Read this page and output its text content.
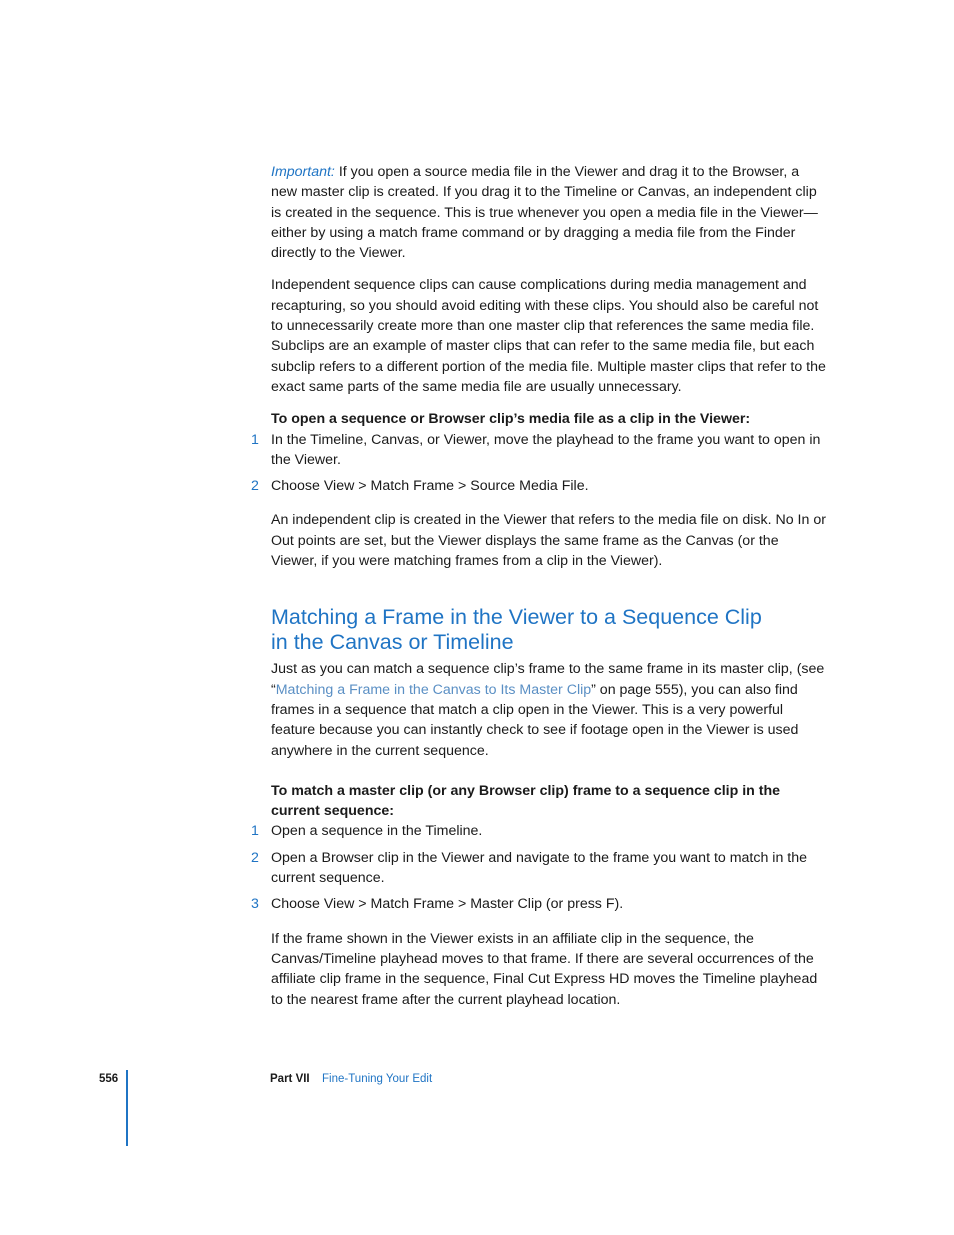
Important: If you open a source media file in the Viewer and drag it to the Browser, a new master clip is created. If you drag it to the Timeline or Canvas, an independent clip is created in the sequence. This is true whenever you open a media file in the Viewer—either by using a match frame command or by dragging a media file from the Finder directly to the Viewer.

Independent sequence clips can cause complications during media management and recapturing, so you should avoid editing with these clips. You should also be careful not to unnecessarily create more than one master clip that references the same media file. Subclips are an example of master clips that can refer to the same media file, but each subclip refers to a different portion of the media file. Multiple master clips that refer to the exact same parts of the same media file are usually unnecessary.

To open a sequence or Browser clip’s media file as a clip in the Viewer:

1 In the Timeline, Canvas, or Viewer, move the playhead to the frame you want to open in the Viewer.
2 Choose View > Match Frame > Source Media File.

An independent clip is created in the Viewer that refers to the media file on disk. No In or Out points are set, but the Viewer displays the same frame as the Canvas (or the Viewer, if you were matching frames from a clip in the Viewer).

Matching a Frame in the Viewer to a Sequence Clip
in the Canvas or Timeline

Just as you can match a sequence clip’s frame to the same frame in its master clip, (see “Matching a Frame in the Canvas to Its Master Clip” on page 555), you can also find frames in a sequence that match a clip open in the Viewer. This is a very powerful feature because you can instantly check to see if footage open in the Viewer is used anywhere in the current sequence.

To match a master clip (or any Browser clip) frame to a sequence clip in the current sequence:

1 Open a sequence in the Timeline.
2 Open a Browser clip in the Viewer and navigate to the frame you want to match in the current sequence.
3 Choose View > Match Frame > Master Clip (or press F).

If the frame shown in the Viewer exists in an affiliate clip in the sequence, the Canvas/Timeline playhead moves to that frame. If there are several occurrences of the affiliate clip frame in the sequence, Final Cut Express HD moves the Timeline playhead to the nearest frame after the current playhead location.

556	Part VII Fine-Tuning Your Edit
